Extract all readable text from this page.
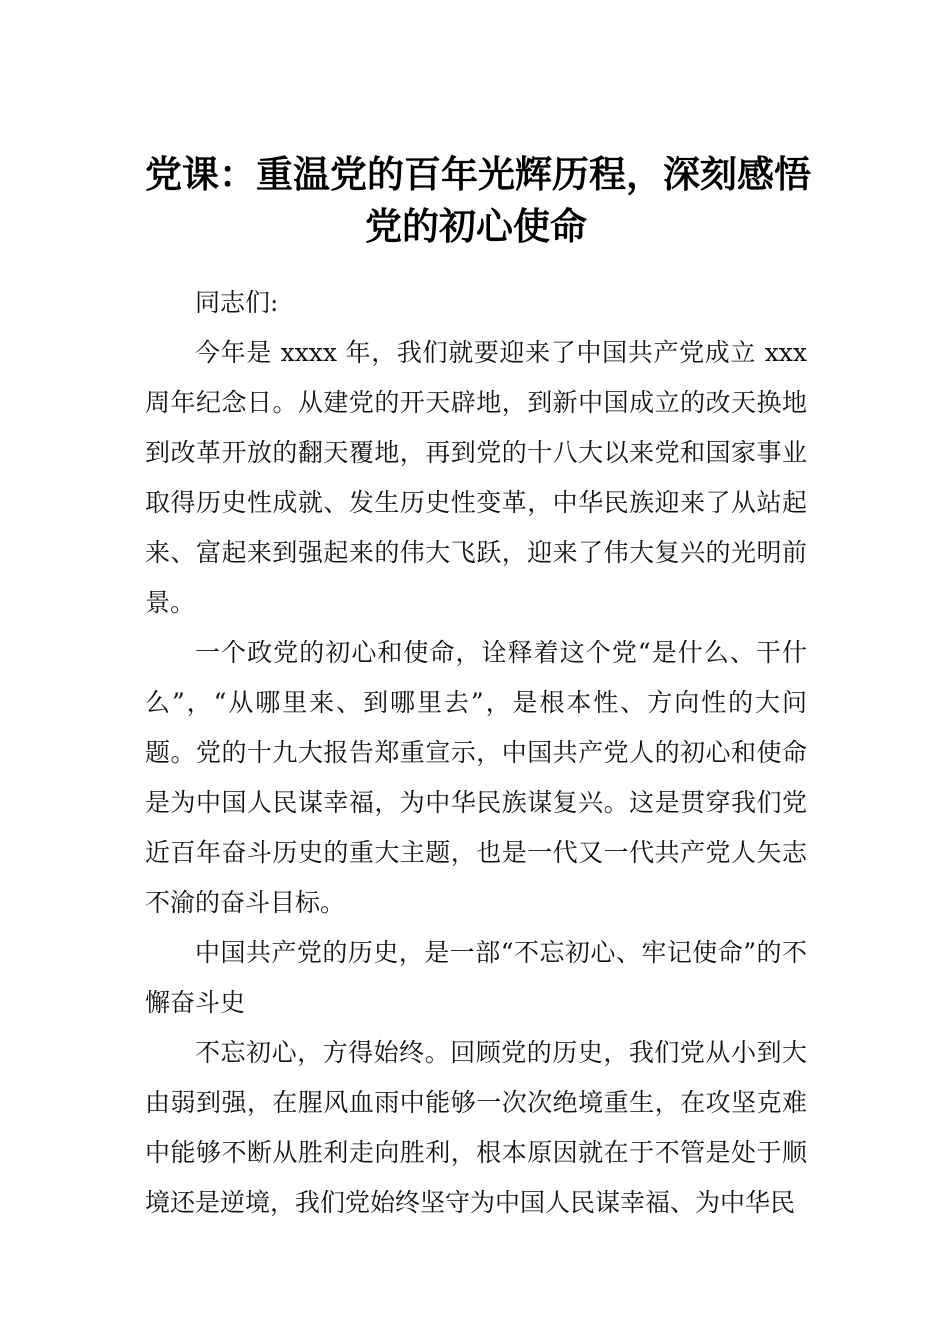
党课：重温党的百年光辉历程，深刻感悟
党的初心使命

同志们:

今年是 xxxx 年，我们就要迎来了中国共产党成立 xxx 周年纪念日。从建党的开天辟地，到新中国成立的改天换地到改革开放的翻天覆地，再到党的十八大以来党和国家事业取得历史性成就、发生历史性变革，中华民族迎来了从站起来、富起来到强起来的伟大飞跃，迎来了伟大复兴的光明前景。

一个政党的初心和使命，诠释着这个党“是什么、干什么”，“从哪里来、到哪里去”，是根本性、方向性的大问题。党的十九大报告郑重宣示，中国共产党人的初心和使命是为中国人民谋幸福，为中华民族谋复兴。这是贯穿我们党近百年奋斗历史的重大主题，也是一代又一代共产党人矢志不渝的奋斗目标。

中国共产党的历史，是一部“不忘初心、牢记使命”的不懈奋斗史

不忘初心，方得始终。回顾党的历史，我们党从小到大由弱到强，在腥风血雨中能够一次次绝境重生，在攻坚克难中能够不断从胜利走向胜利，根本原因就在于不管是处于顺境还是逆境，我们党始终坚守为中国人民谋幸福、为中华民
